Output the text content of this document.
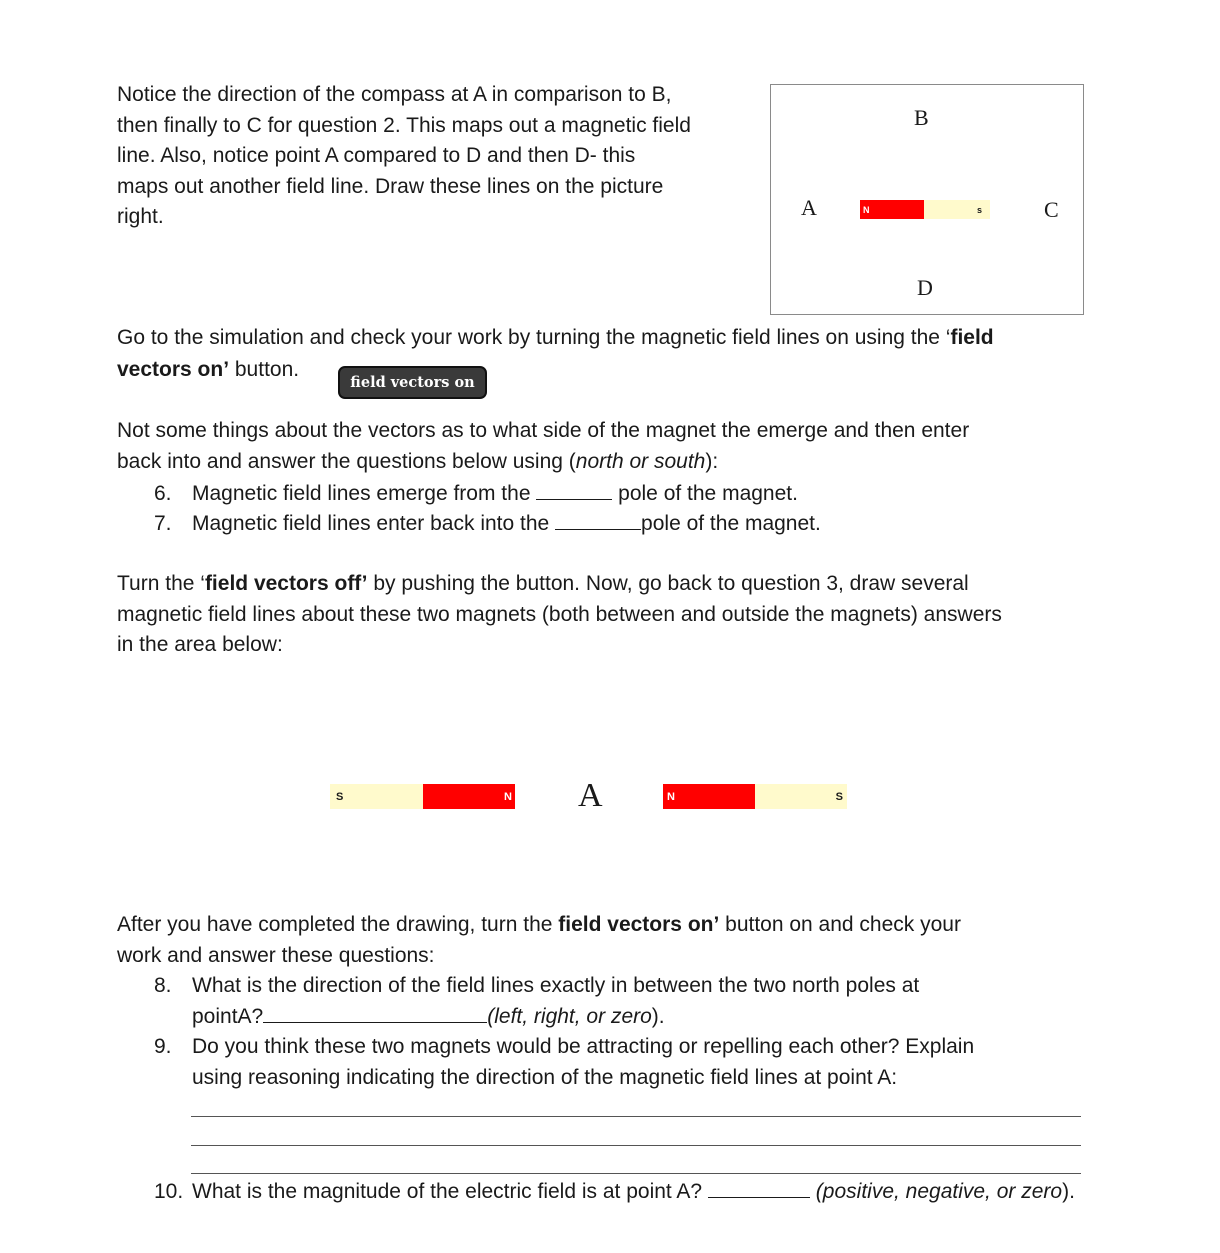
Notice the direction of the compass at A in comparison to B,
then finally to C for question 2. This maps out a magnetic field
line. Also, notice point A compared to D and then D- this
maps out another field line. Draw these lines on the picture
right.
B
A	C
D
N	s
Go to the simulation and check your work by turning the magnetic field lines on using the ‘field
vectors on’ button.
field vectors on
Not some things about the vectors as to what side of the magnet the emerge and then enter
back into and answer the questions below using (north or south):
6. Magnetic field lines emerge from the	pole of the magnet.
7. Magnetic field lines enter back into the	pole of the magnet.
Turn the ‘field vectors off’ by pushing the button. Now, go back to question 3, draw several
magnetic field lines about these two magnets (both between and outside the magnets) answers
in the area below:
S	N A	N	S
After you have completed the drawing, turn the field vectors on’ button on and check your
work and answer these questions:
8. What is the direction of the field lines exactly in between the two north poles at
pointA?	(left, right, or zero).
9. Do you think these two magnets would be attracting or repelling each other? Explain
using reasoning indicating the direction of the magnetic field lines at point A:
10. What is the magnitude of the electric field is at point A?	(positive, negative, or zero).
